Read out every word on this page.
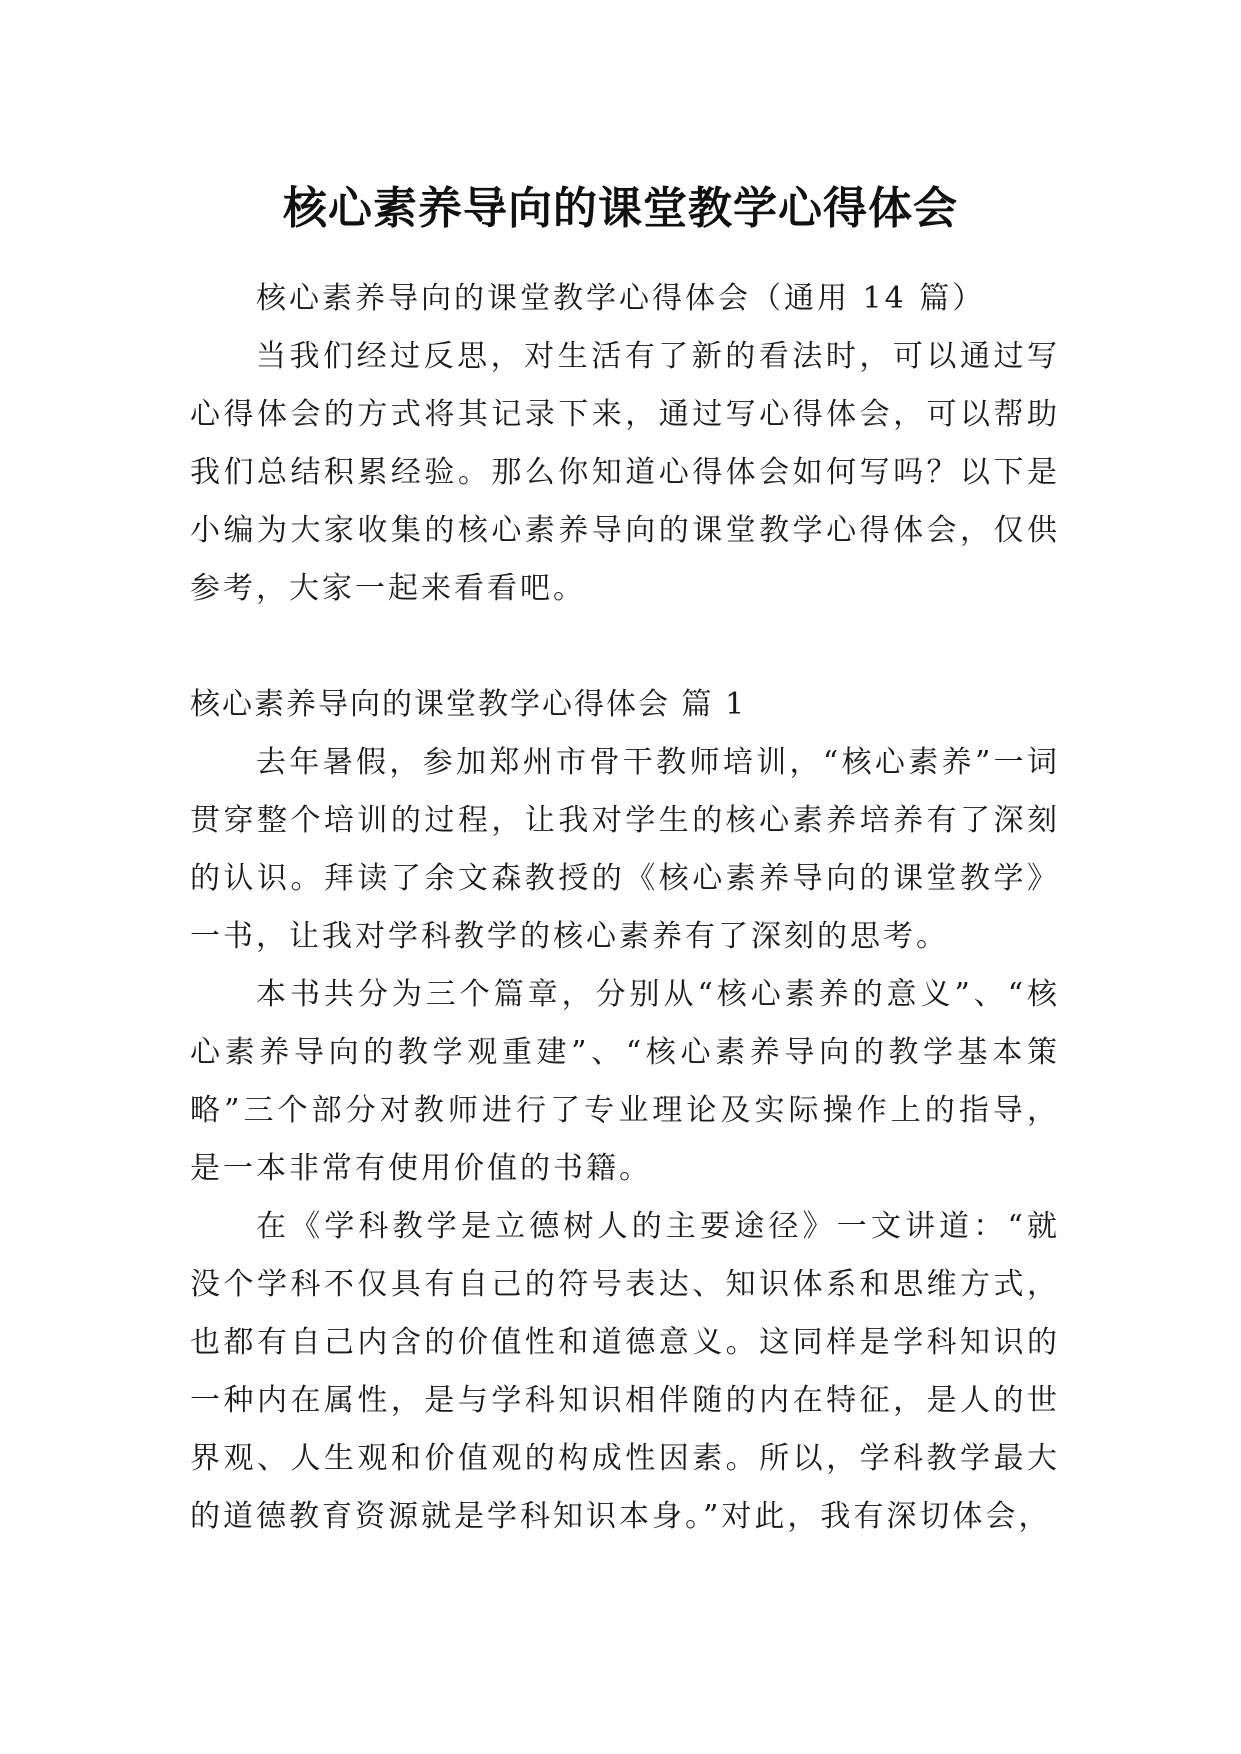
核心素养导向的课堂教学心得体会

核心素养导向的课堂教学心得体会（通用 14 篇）

当我们经过反思，对生活有了新的看法时，可以通过写心得体会的方式将其记录下来，通过写心得体会，可以帮助我们总结积累经验。那么你知道心得体会如何写吗？以下是小编为大家收集的核心素养导向的课堂教学心得体会，仅供参考，大家一起来看看吧。

核心素养导向的课堂教学心得体会 篇 1

去年暑假，参加郑州市骨干教师培训，“核心素养”一词贯穿整个培训的过程，让我对学生的核心素养培养有了深刻的认识。拜读了余文森教授的《核心素养导向的课堂教学》一书，让我对学科教学的核心素养有了深刻的思考。

本书共分为三个篇章，分别从“核心素养的意义”、“核心素养导向的教学观重建”、“核心素养导向的教学基本策略”三个部分对教师进行了专业理论及实际操作上的指导，是一本非常有使用价值的书籍。

在《学科教学是立德树人的主要途径》一文讲道：“就没个学科不仅具有自己的符号表达、知识体系和思维方式，也都有自己内含的价值性和道德意义。这同样是学科知识的一种内在属性，是与学科知识相伴随的内在特征，是人的世界观、人生观和价值观的构成性因素。所以，学科教学最大的道德教育资源就是学科知识本身。”对此，我有深切体会，
